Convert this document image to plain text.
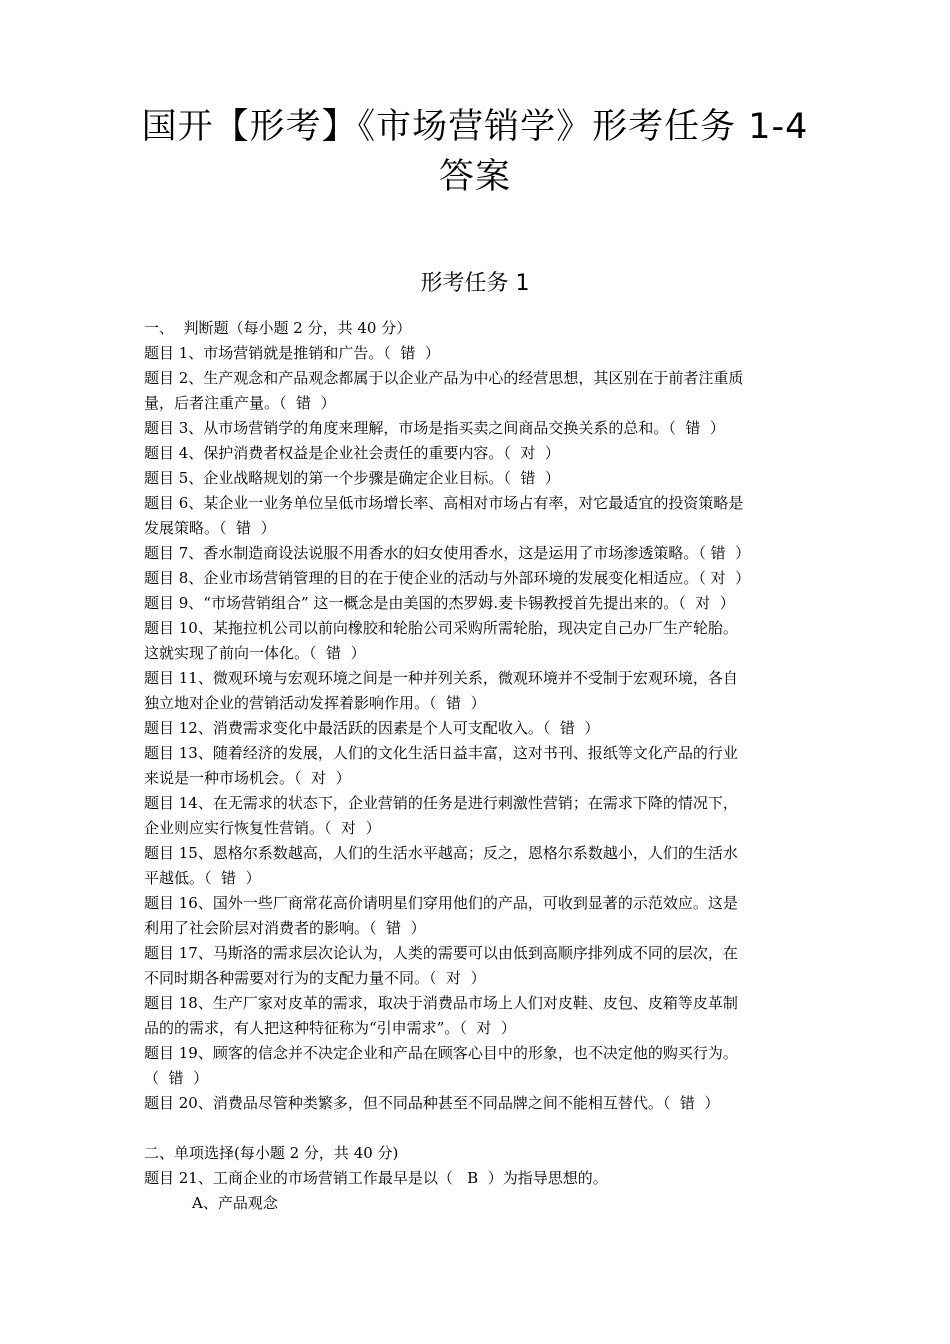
国开【形考】《市场营销学》形考任务 1-4
答案
形考任务 1
一、  判断题（每小题 2 分，共 40 分）
题目 1、市场营销就是推销和广告。（  错  ）
题目 2、生产观念和产品观念都属于以企业产品为中心的经营思想，其区别在于前者注重质
量，后者注重产量。（  错  ）
题目 3、从市场营销学的角度来理解，市场是指买卖之间商品交换关系的总和。（  错  ）
题目 4、保护消费者权益是企业社会责任的重要内容。（  对  ）
题目 5、企业战略规划的第一个步骤是确定企业目标。（  错  ）
题目 6、某企业一业务单位呈低市场增长率、高相对市场占有率，对它最适宜的投资策略是
发展策略。（  错  ）
题目 7、香水制造商设法说服不用香水的妇女使用香水，这是运用了市场渗透策略。（ 错  ）
题目 8、企业市场营销管理的目的在于使企业的活动与外部环境的发展变化相适应。（ 对  ）
题目 9、“市场营销组合” 这一概念是由美国的杰罗姆.麦卡锡教授首先提出来的。（  对  ）
题目 10、某拖拉机公司以前向橡胶和轮胎公司采购所需轮胎，现决定自己办厂生产轮胎。
这就实现了前向一体化。（  错  ）
题目 11、微观环境与宏观环境之间是一种并列关系，微观环境并不受制于宏观环境，各自
独立地对企业的营销活动发挥着影响作用。（  错  ）
题目 12、消费需求变化中最活跃的因素是个人可支配收入。（  错  ）
题目 13、随着经济的发展，人们的文化生活日益丰富，这对书刊、报纸等文化产品的行业
来说是一种市场机会。（  对  ）
题目 14、在无需求的状态下，企业营销的任务是进行刺激性营销；在需求下降的情况下，
企业则应实行恢复性营销。（  对  ）
题目 15、恩格尔系数越高，人们的生活水平越高；反之，恩格尔系数越小，人们的生活水
平越低。（  错  ）
题目 16、国外一些厂商常花高价请明星们穿用他们的产品，可收到显著的示范效应。这是
利用了社会阶层对消费者的影响。（  错  ）
题目 17、马斯洛的需求层次论认为，人类的需要可以由低到高顺序排列成不同的层次，在
不同时期各种需要对行为的支配力量不同。（  对  ）
题目 18、生产厂家对皮革的需求，取决于消费品市场上人们对皮鞋、皮包、皮箱等皮革制
品的的需求，有人把这种特征称为“引申需求”。（  对  ）
题目 19、顾客的信念并不决定企业和产品在顾客心目中的形象，也不决定他的购买行为。
（  错  ）
题目 20、消费品尽管种类繁多，但不同品种甚至不同品牌之间不能相互替代。（  错  ）
二、单项选择(每小题 2 分，共 40 分)
题目 21、工商企业的市场营销工作最早是以（   B  ）为指导思想的。
A、产品观念
